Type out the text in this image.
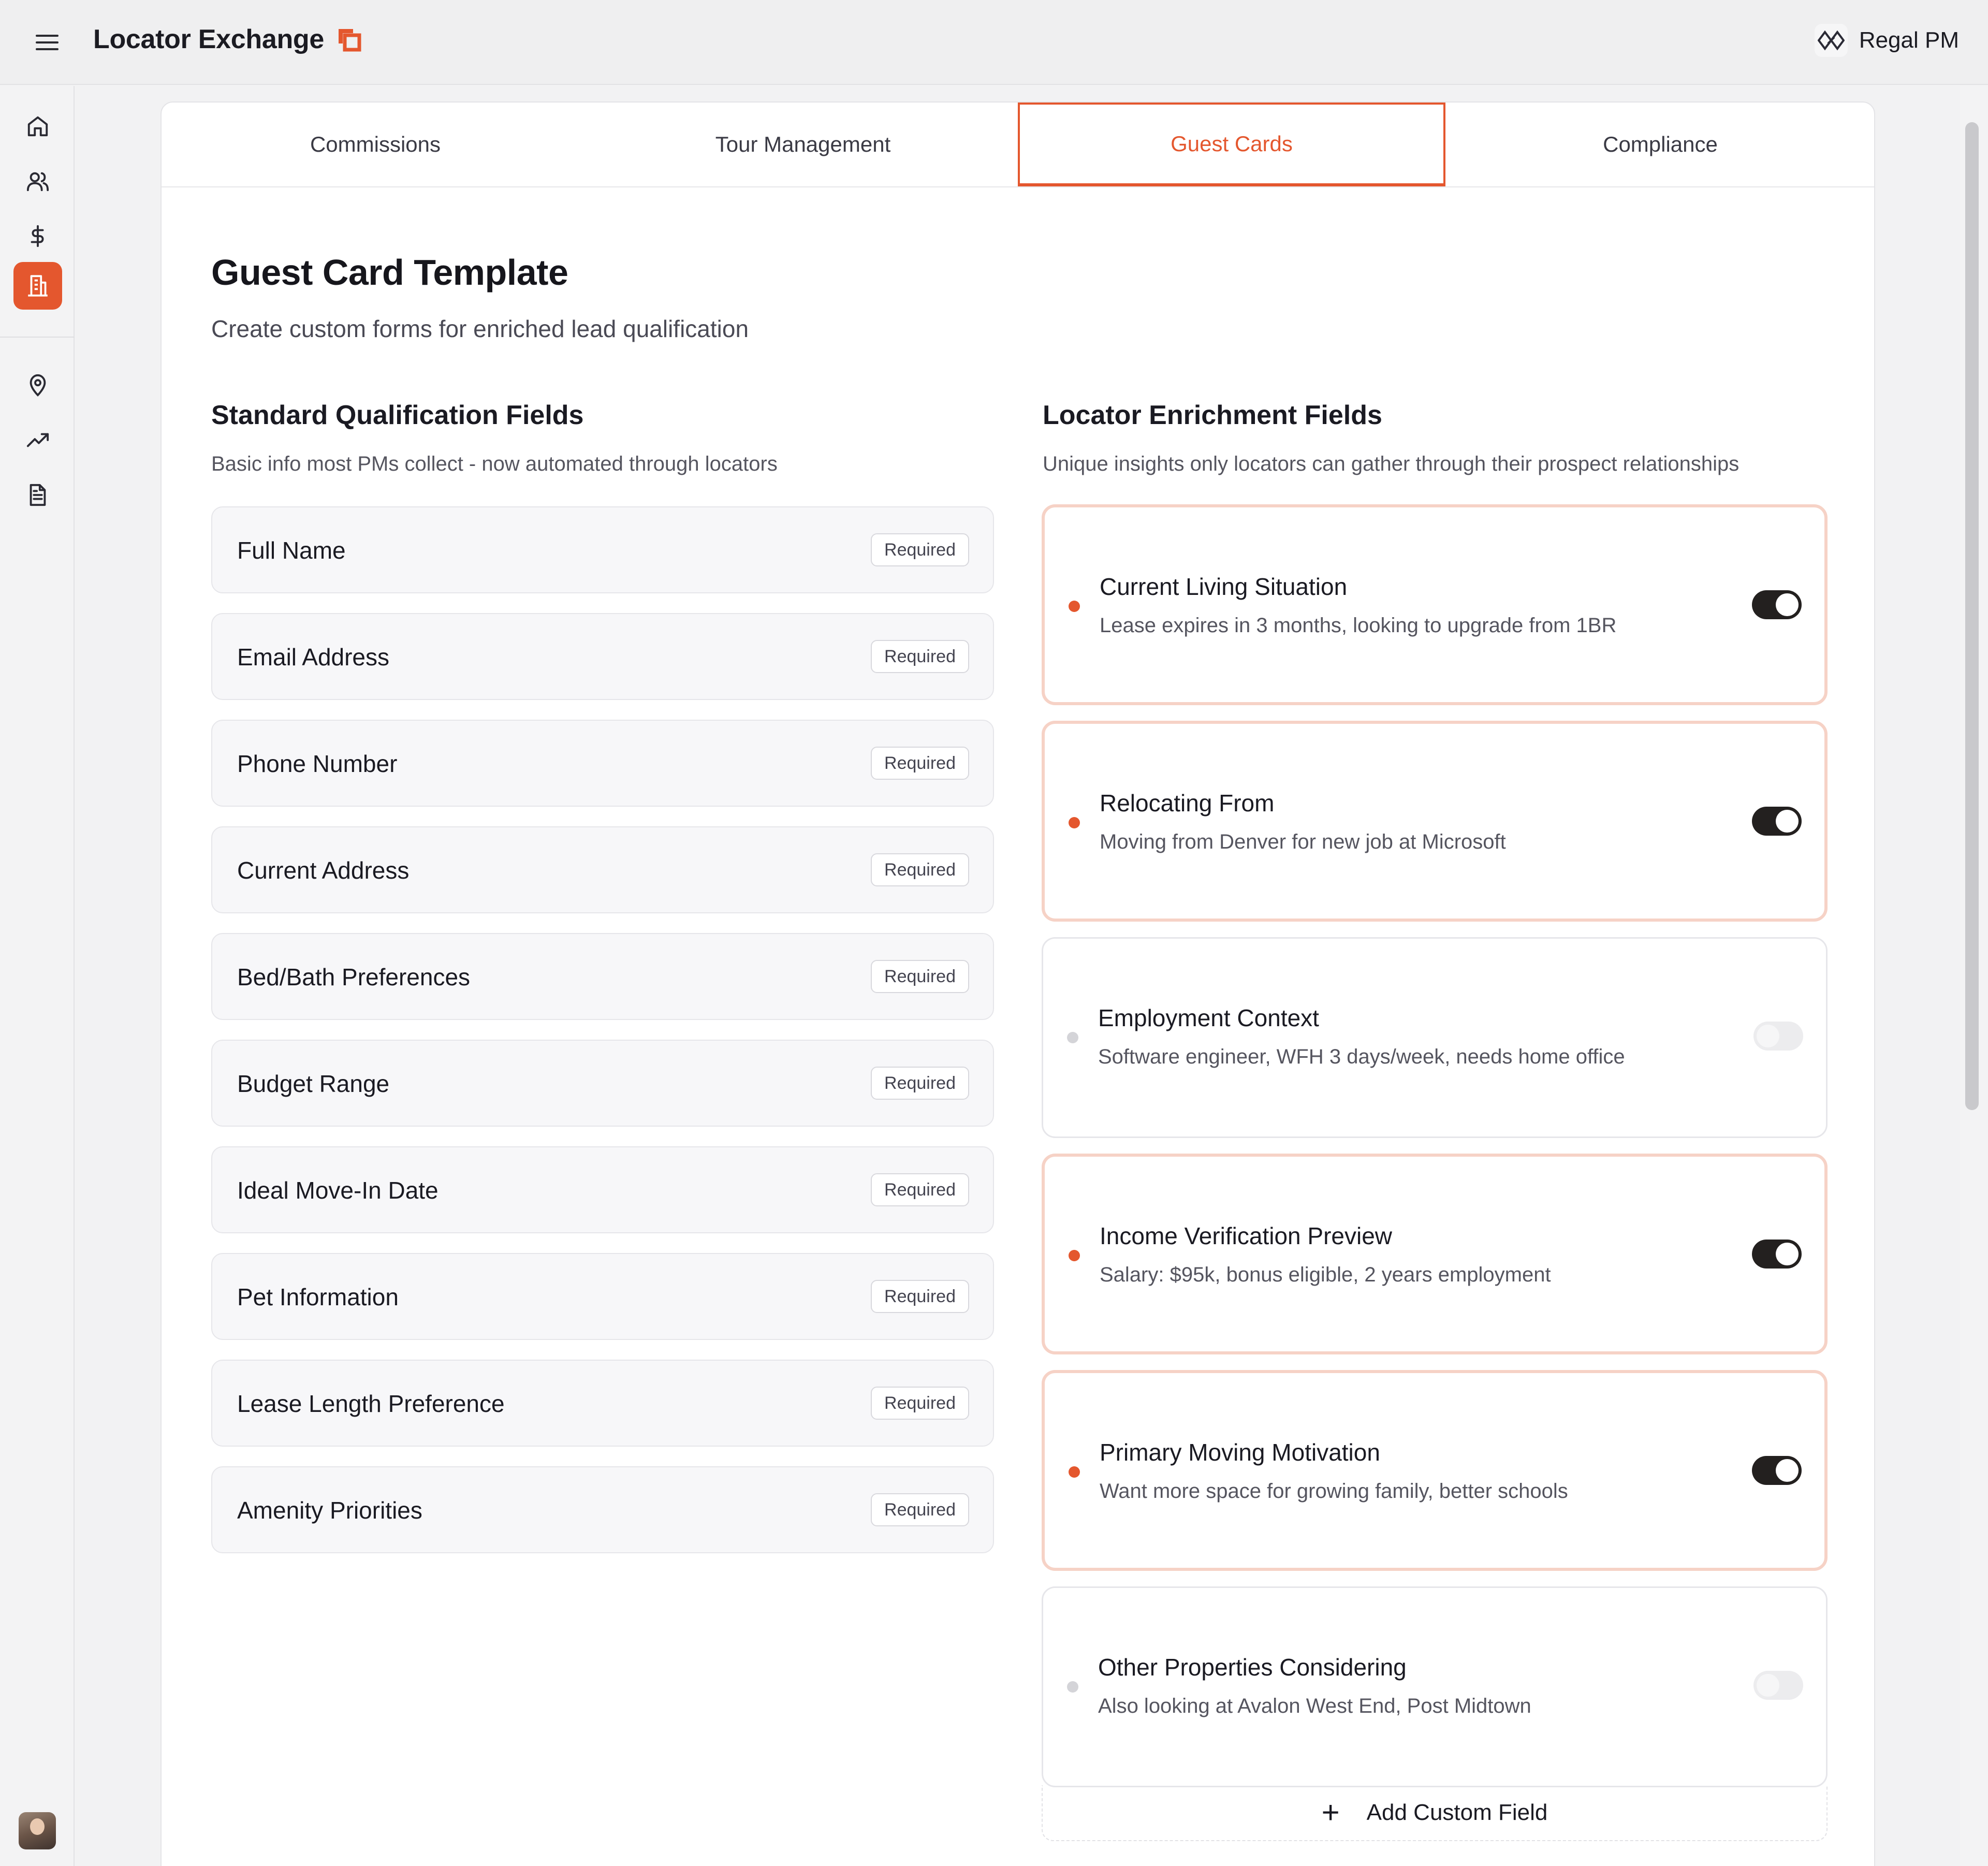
Locator Exchange	Regal PM
Commissions	Tour Management	Guest Cards	Compliance
Guest Card Template
Create custom forms for enriched lead qualification
Standard Qualification Fields
Basic info most PMs collect - now automated through locators
Full Name	Required
Email Address	Required
Phone Number	Required
Current Address	Required
Bed/Bath Preferences	Required
Budget Range	Required
Ideal Move-In Date	Required
Pet Information	Required
Lease Length Preference	Required
Amenity Priorities	Required
Locator Enrichment Fields
Unique insights only locators can gather through their prospect relationships
Current Living Situation
Lease expires in 3 months, looking to upgrade from 1BR
Relocating From
Moving from Denver for new job at Microsoft
Employment Context
Software engineer, WFH 3 days/week, needs home office
Income Verification Preview
Salary: $95k, bonus eligible, 2 years employment
Primary Moving Motivation
Want more space for growing family, better schools
Other Properties Considering
Also looking at Avalon West End, Post Midtown
+ Add Custom Field
